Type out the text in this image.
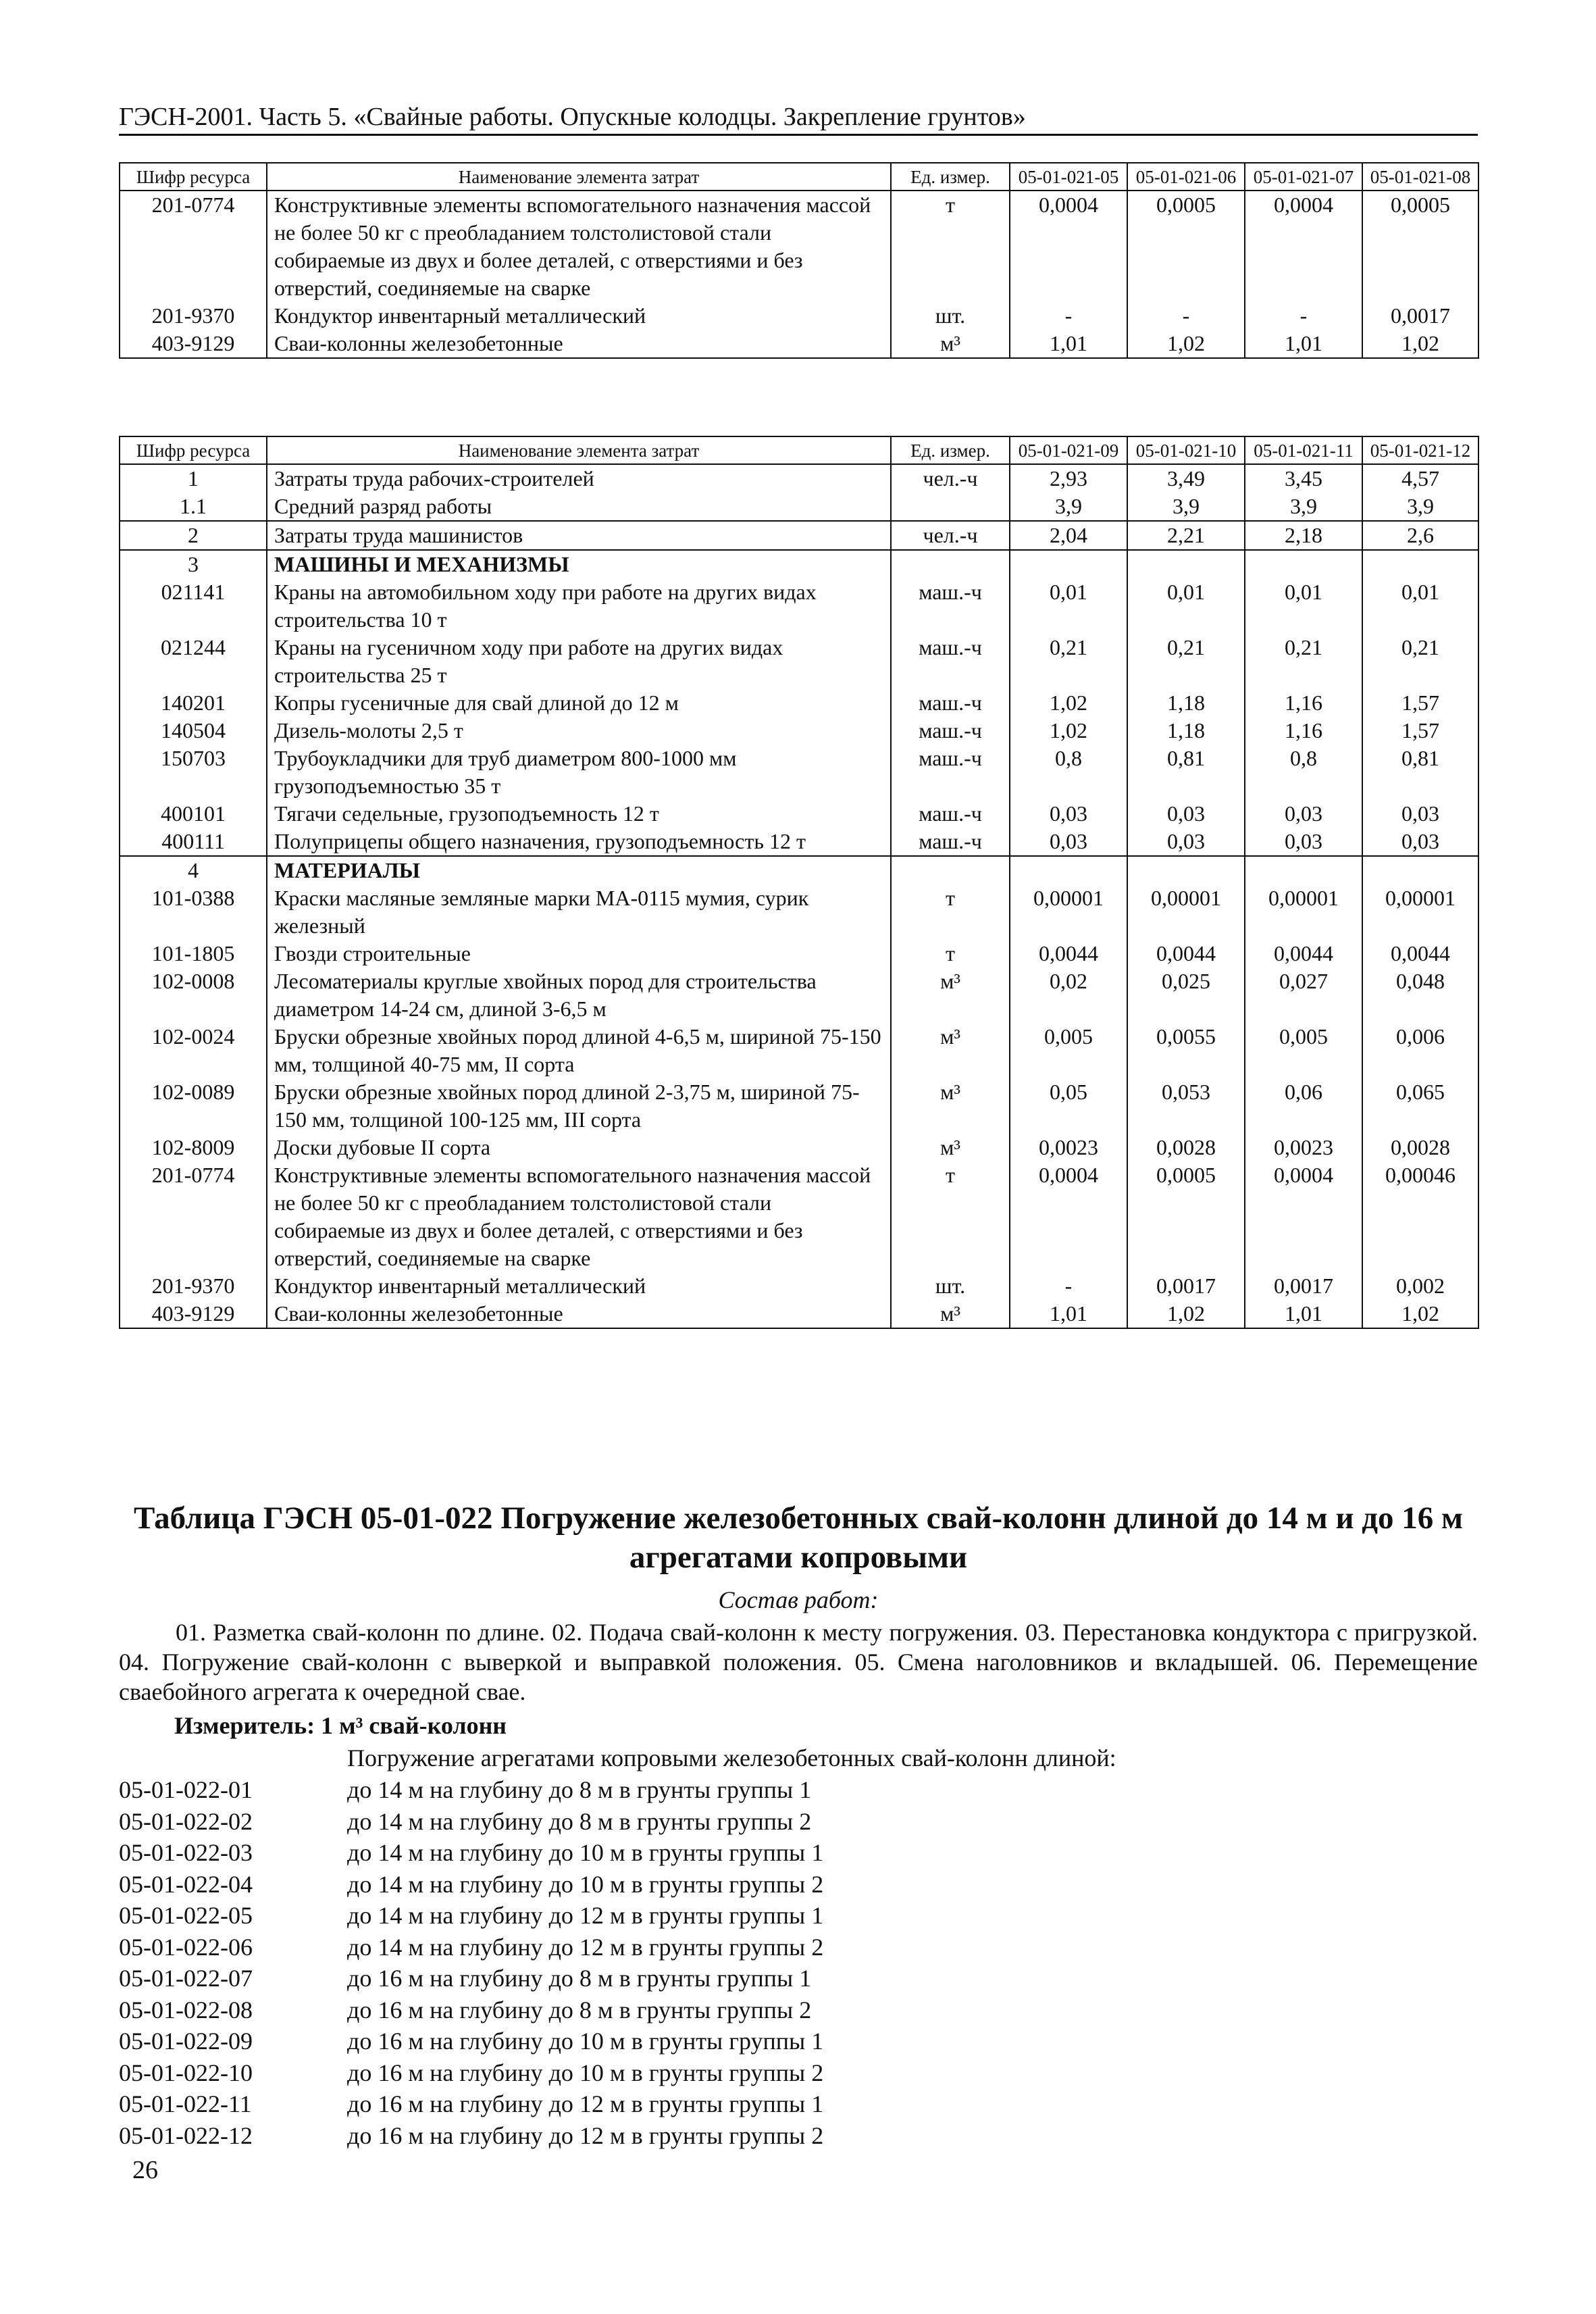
ГЭСН-2001. Часть 5. «Свайные работы. Опускные колодцы. Закрепление грунтов»
Шифр ресурса	Наименование элемента затрат	Ед. измер.	05-01-021-05	05-01-021-06	05-01-021-07	05-01-021-08
201-0774	Конструктивные элементы вспомогательного назначения массой не более 50 кг с преобладанием толстолистовой стали собираемые из двух и более деталей, с отверстиями и без отверстий, соединяемые на сварке	т	0,0004	0,0005	0,0004	0,0005
201-9370	Кондуктор инвентарный металлический	шт.	-	-	-	0,0017
403-9129	Сваи-колонны железобетонные	м³	1,01	1,02	1,01	1,02
Шифр ресурса	Наименование элемента затрат	Ед. измер.	05-01-021-09	05-01-021-10	05-01-021-11	05-01-021-12
1	Затраты труда рабочих-строителей	чел.-ч	2,93	3,49	3,45	4,57
1.1	Средний разряд работы		3,9	3,9	3,9	3,9
2	Затраты труда машинистов	чел.-ч	2,04	2,21	2,18	2,6
3	МАШИНЫ И МЕХАНИЗМЫ					
021141	Краны на автомобильном ходу при работе на других видах строительства 10 т	маш.-ч	0,01	0,01	0,01	0,01
021244	Краны на гусеничном ходу при работе на других видах строительства 25 т	маш.-ч	0,21	0,21	0,21	0,21
140201	Копры гусеничные для свай длиной до 12 м	маш.-ч	1,02	1,18	1,16	1,57
140504	Дизель-молоты 2,5 т	маш.-ч	1,02	1,18	1,16	1,57
150703	Трубоукладчики для труб диаметром 800-1000 мм грузоподъемностью 35 т	маш.-ч	0,8	0,81	0,8	0,81
400101	Тягачи седельные, грузоподъемность 12 т	маш.-ч	0,03	0,03	0,03	0,03
400111	Полуприцепы общего назначения, грузоподъемность 12 т	маш.-ч	0,03	0,03	0,03	0,03
4	МАТЕРИАЛЫ					
101-0388	Краски масляные земляные марки МА-0115 мумия, сурик железный	т	0,00001	0,00001	0,00001	0,00001
101-1805	Гвозди строительные	т	0,0044	0,0044	0,0044	0,0044
102-0008	Лесоматериалы круглые хвойных пород для строительства диаметром 14-24 см, длиной 3-6,5 м	м³	0,02	0,025	0,027	0,048
102-0024	Бруски обрезные хвойных пород длиной 4-6,5 м, шириной 75-150 мм, толщиной 40-75 мм, II сорта	м³	0,005	0,0055	0,005	0,006
102-0089	Бруски обрезные хвойных пород длиной 2-3,75 м, шириной 75-150 мм, толщиной 100-125 мм, III сорта	м³	0,05	0,053	0,06	0,065
102-8009	Доски дубовые II сорта	м³	0,0023	0,0028	0,0023	0,0028
201-0774	Конструктивные элементы вспомогательного назначения массой не более 50 кг с преобладанием толстолистовой стали собираемые из двух и более деталей, с отверстиями и без отверстий, соединяемые на сварке	т	0,0004	0,0005	0,0004	0,00046
201-9370	Кондуктор инвентарный металлический	шт.	-	0,0017	0,0017	0,002
403-9129	Сваи-колонны железобетонные	м³	1,01	1,02	1,01	1,02
Таблица ГЭСН 05-01-022 Погружение железобетонных свай-колонн длиной до 14 м и до 16 м агрегатами копровыми
Состав работ:
01. Разметка свай-колонн по длине. 02. Подача свай-колонн к месту погружения. 03. Перестановка кондуктора с пригрузкой. 04. Погружение свай-колонн с выверкой и выправкой положения. 05. Смена наголовников и вкладышей. 06. Перемещение сваебойного агрегата к очередной свае.
Измеритель: 1 м³ свай-колонн
Погружение агрегатами копровыми железобетонных свай-колонн длиной:
05-01-022-01	до 14 м на глубину до 8 м в грунты группы 1
05-01-022-02	до 14 м на глубину до 8 м в грунты группы 2
05-01-022-03	до 14 м на глубину до 10 м в грунты группы 1
05-01-022-04	до 14 м на глубину до 10 м в грунты группы 2
05-01-022-05	до 14 м на глубину до 12 м в грунты группы 1
05-01-022-06	до 14 м на глубину до 12 м в грунты группы 2
05-01-022-07	до 16 м на глубину до 8 м в грунты группы 1
05-01-022-08	до 16 м на глубину до 8 м в грунты группы 2
05-01-022-09	до 16 м на глубину до 10 м в грунты группы 1
05-01-022-10	до 16 м на глубину до 10 м в грунты группы 2
05-01-022-11	до 16 м на глубину до 12 м в грунты группы 1
05-01-022-12	до 16 м на глубину до 12 м в грунты группы 2
26
